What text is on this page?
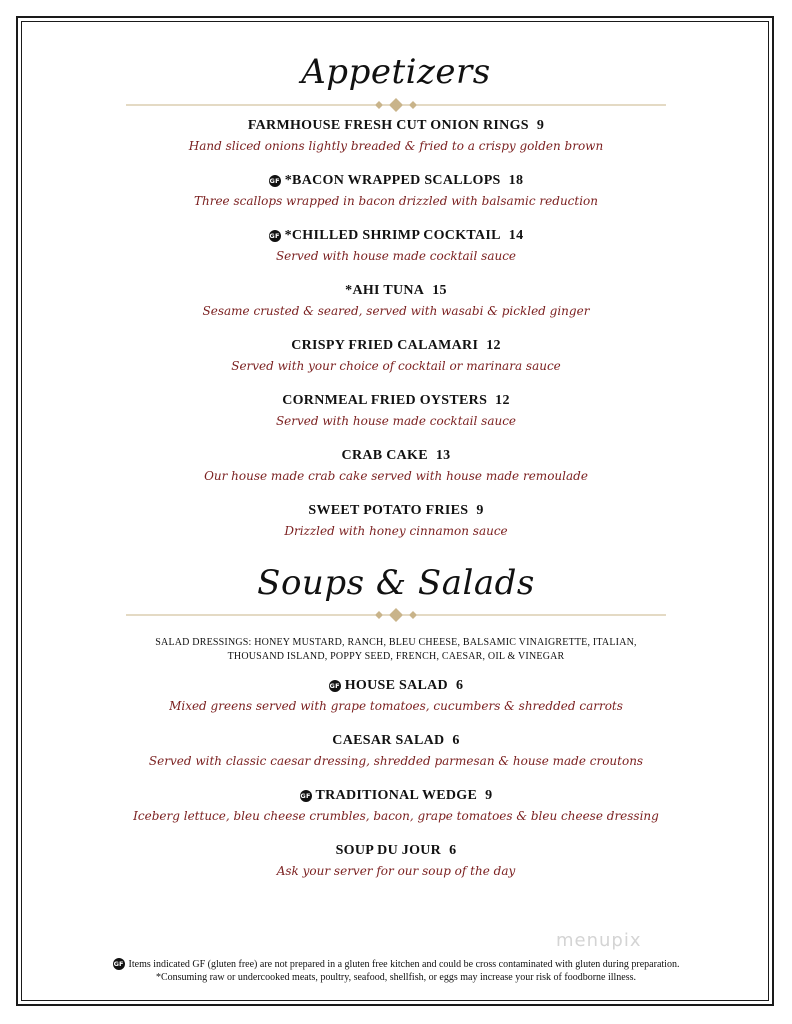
Appetizers
FARMHOUSE FRESH CUT ONION RINGS 9
Hand sliced onions lightly breaded & fried to a crispy golden brown
GF *BACON WRAPPED SCALLOPS 18
Three scallops wrapped in bacon drizzled with balsamic reduction
GF *CHILLED SHRIMP COCKTAIL 14
Served with house made cocktail sauce
*AHI TUNA 15
Sesame crusted & seared, served with wasabi & pickled ginger
CRISPY FRIED CALAMARI 12
Served with your choice of cocktail or marinara sauce
CORNMEAL FRIED OYSTERS 12
Served with house made cocktail sauce
CRAB CAKE 13
Our house made crab cake served with house made remoulade
SWEET POTATO FRIES 9
Drizzled with honey cinnamon sauce
Soups & Salads
SALAD DRESSINGS: HONEY MUSTARD, RANCH, BLEU CHEESE, BALSAMIC VINAIGRETTE, ITALIAN,
THOUSAND ISLAND, POPPY SEED, FRENCH, CAESAR, OIL & VINEGAR
GF HOUSE SALAD 6
Mixed greens served with grape tomatoes, cucumbers & shredded carrots
CAESAR SALAD 6
Served with classic caesar dressing, shredded parmesan & house made croutons
GF TRADITIONAL WEDGE 9
Iceberg lettuce, bleu cheese crumbles, bacon, grape tomatoes & bleu cheese dressing
SOUP DU JOUR 6
Ask your server for our soup of the day
menupix
GF Items indicated GF (gluten free) are not prepared in a gluten free kitchen and could be cross contaminated with gluten during preparation.
*Consuming raw or undercooked meats, poultry, seafood, shellfish, or eggs may increase your risk of foodborne illness.
